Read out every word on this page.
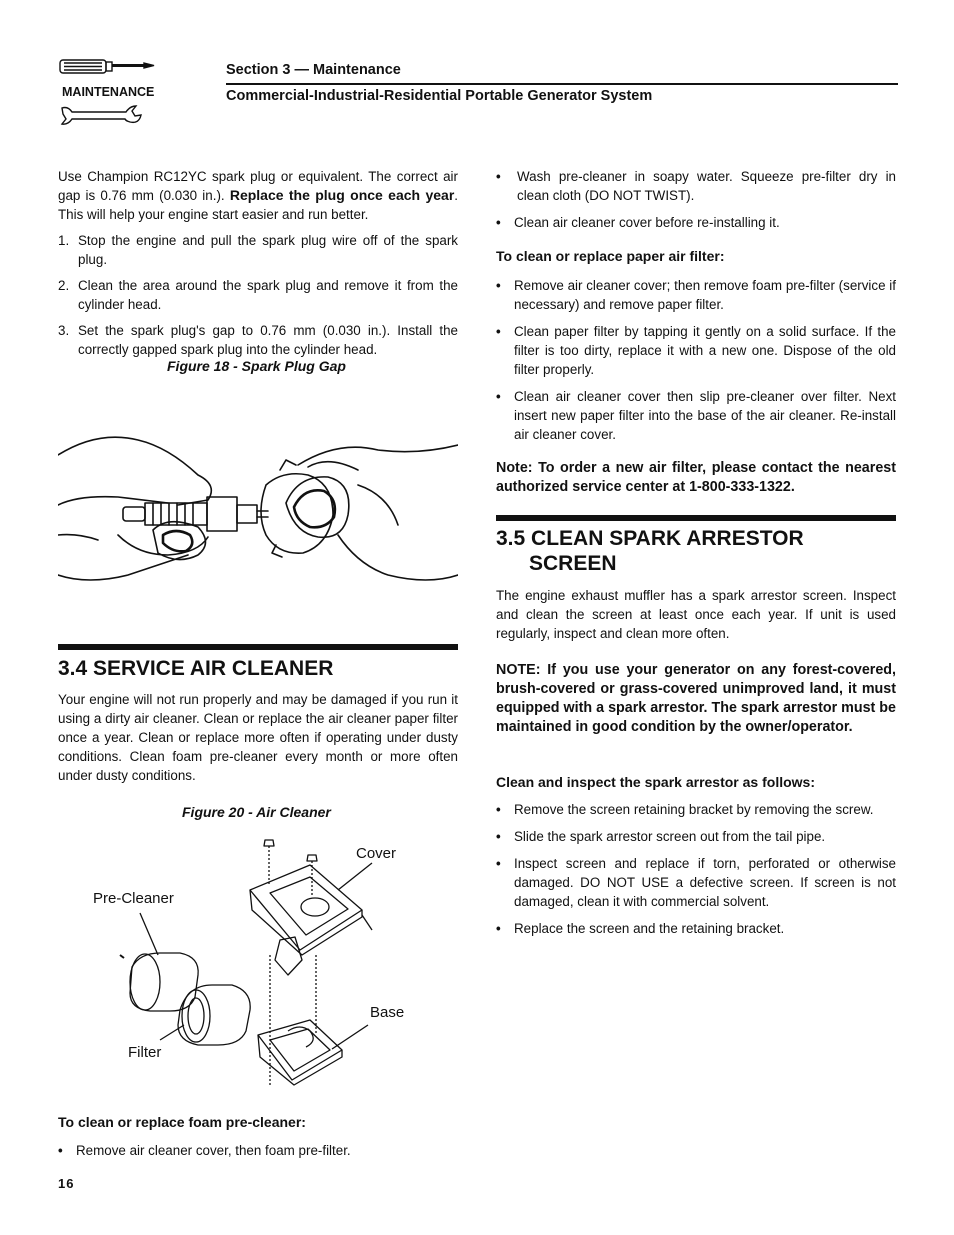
MAINTENANCE
Section 3 — Maintenance
Commercial-Industrial-Residential Portable Generator System

Use Champion RC12YC spark plug or equivalent. The correct air gap is 0.76 mm (0.030 in.). Replace the plug once each year. This will help your engine start easier and run better.

1. Stop the engine and pull the spark plug wire off of the spark plug.
2. Clean the area around the spark plug and remove it from the cylinder head.
3. Set the spark plug's gap to 0.76 mm (0.030 in.). Install the correctly gapped spark plug into the cylinder head.
Figure 18 - Spark Plug Gap
3.4 SERVICE AIR CLEANER
Your engine will not run properly and may be damaged if you run it using a dirty air cleaner. Clean or replace the air cleaner paper filter once a year. Clean or replace more often if operating under dusty conditions. Clean foam pre-cleaner every month or more often under dusty conditions.
Figure 20 - Air Cleaner
Cover
Pre-Cleaner
Base
Filter
To clean or replace foam pre-cleaner:
• Remove air cleaner cover, then foam pre-filter.
16
• Wash pre-cleaner in soapy water. Squeeze pre-filter dry in clean cloth (DO NOT TWIST).
• Clean air cleaner cover before re-installing it.
To clean or replace paper air filter:
• Remove air cleaner cover; then remove foam pre-filter (service if necessary) and remove paper filter.
• Clean paper filter by tapping it gently on a solid surface. If the filter is too dirty, replace it with a new one. Dispose of the old filter properly.
• Clean air cleaner cover then slip pre-cleaner over filter. Next insert new paper filter into the base of the air cleaner. Re-install air cleaner cover.
Note: To order a new air filter, please contact the nearest authorized service center at 1-800-333-1322.
3.5 CLEAN SPARK ARRESTOR
SCREEN
The engine exhaust muffler has a spark arrestor screen. Inspect and clean the screen at least once each year. If unit is used regularly, inspect and clean more often.
NOTE: If you use your generator on any forest-covered, brush-covered or grass-covered unimproved land, it must equipped with a spark arrestor. The spark arrestor must be maintained in good condition by the owner/operator.
Clean and inspect the spark arrestor as follows:
• Remove the screen retaining bracket by removing the screw.
• Slide the spark arrestor screen out from the tail pipe.
• Inspect screen and replace if torn, perforated or otherwise damaged. DO NOT USE a defective screen. If screen is not damaged, clean it with commercial solvent.
• Replace the screen and the retaining bracket.
